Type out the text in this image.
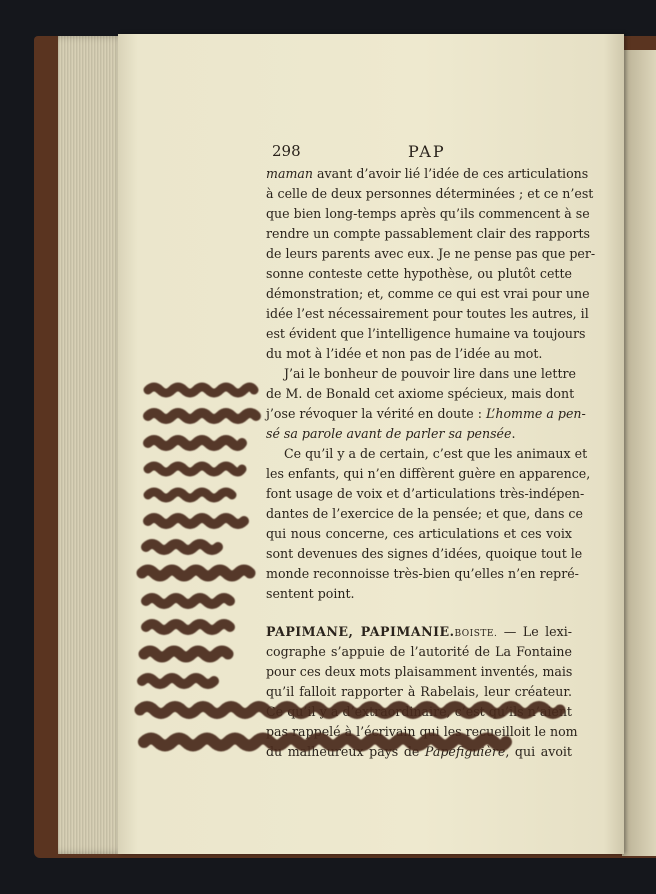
298	PAP
maman avant d’avoir lié l’idée de ces articulations
à celle de deux personnes déterminées ; et ce n’est
que bien long-temps après qu’ils commencent à se
rendre un compte passablement clair des rapports
de leurs parents avec eux. Je ne pense pas que per-
sonne conteste cette hypothèse, ou plutôt cette
démonstration; et, comme ce qui est vrai pour une
idée l’est nécessairement pour toutes les autres, il
est évident que l’intelligence humaine va toujours
du mot à l’idée et non pas de l’idée au mot.
J’ai le bonheur de pouvoir lire dans une lettre
de M. de Bonald cet axiome spécieux, mais dont
j’ose révoquer la vérité en doute : L’homme a pen-
sé sa parole avant de parler sa pensée.
Ce qu’il y a de certain, c’est que les animaux et
les enfants, qui n’en diffèrent guère en apparence,
font usage de voix et d’articulations très-indépen-
dantes de l’exercice de la pensée; et que, dans ce
qui nous concerne, ces articulations et ces voix
sont devenues des signes d’idées, quoique tout le
monde reconnoisse très-bien qu’elles n’en repré-
sentent point.
PAPIMANE, PAPIMANIE.BOISTE. — Le lexi-
cographe s’appuie de l’autorité de La Fontaine
pour ces deux mots plaisamment inventés, mais
qu’il falloit rapporter à Rabelais, leur créateur.
Ce qu’il y a d’extraordinaire, c’est qu’ils n’aient
pas rappelé à l’écrivain qui les recueilloit le nom
du malheureux pays de Papefiguière, qui avoit
